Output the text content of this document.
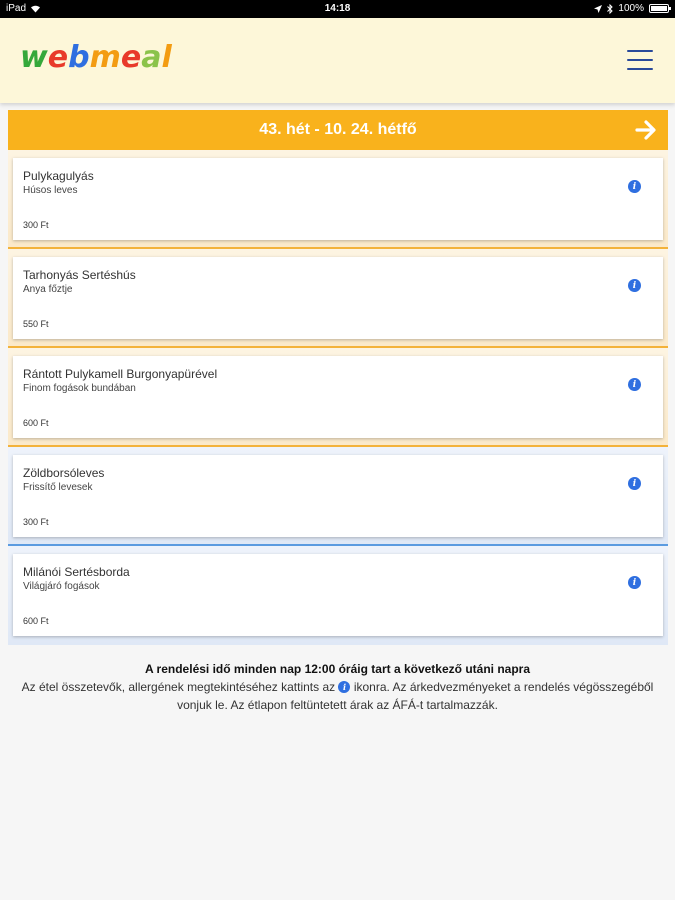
iPad	14:18	100%
webmeal
43. hét - 10. 24. hétfő
Pulykagulyás
Húsos leves
300 Ft
i
Tarhonyás Sertéshús
Anya főztje
550 Ft
i
Rántott Pulykamell Burgonyapürével
Finom fogások bundában
600 Ft
i
Zöldborsóleves
Frissítő levesek
300 Ft
i
Milánói Sertésborda
Világjáró fogások
600 Ft
i
A rendelési idő minden nap 12:00 óráig tart a következő utáni napra
Az étel összetevők, allergének megtekintéséhez kattints az i ikonra. Az árkedvezményeket a rendelés végösszegéből vonjuk le. Az étlapon feltüntetett árak az ÁFÁ-t tartalmazzák.
